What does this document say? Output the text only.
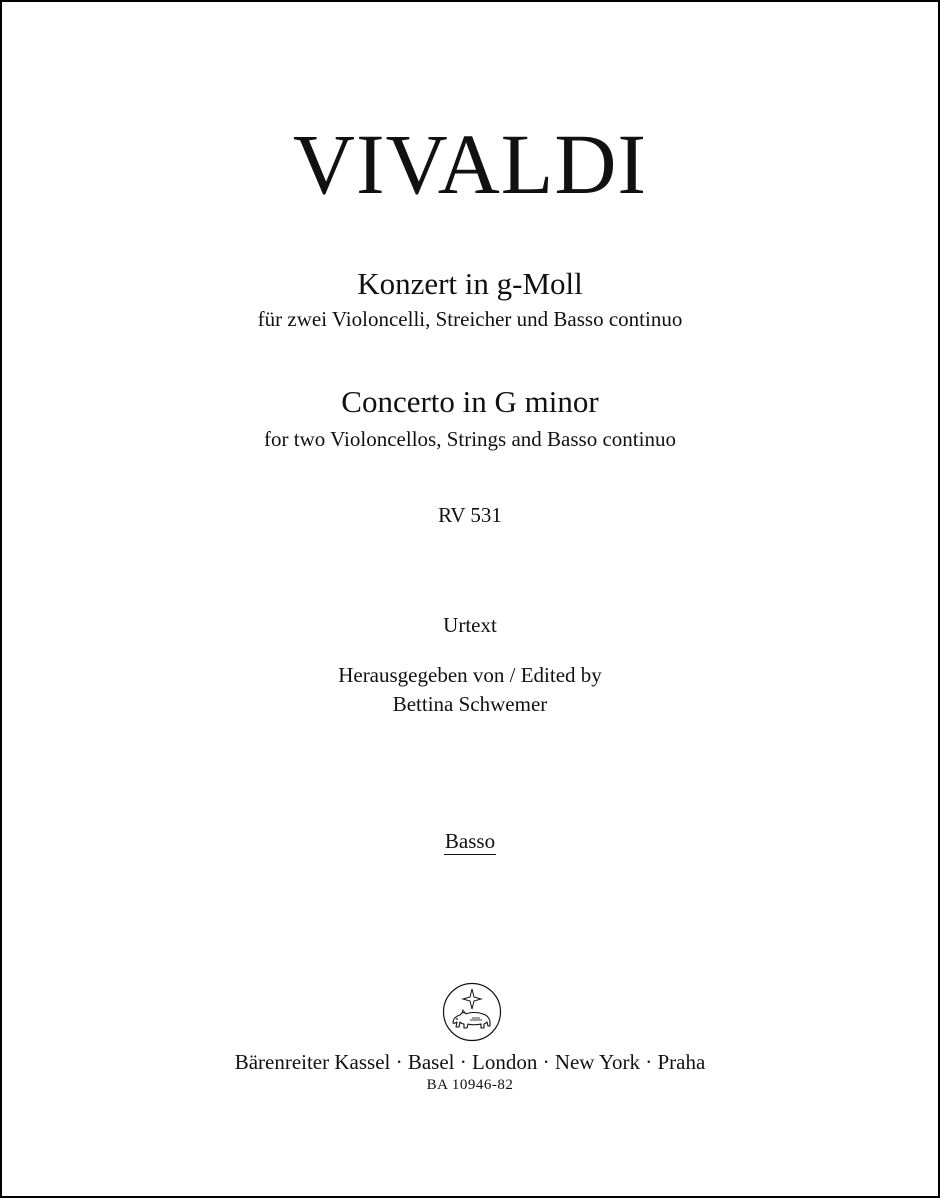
VIVALDI
Konzert in g-Moll
für zwei Violoncelli, Streicher und Basso continuo
Concerto in G minor
for two Violoncellos, Strings and Basso continuo
RV 531
Urtext
Herausgegeben von / Edited by
Bettina Schwemer
Basso
Bärenreiter Kassel · Basel · London · New York · Praha
BA 10946-82
